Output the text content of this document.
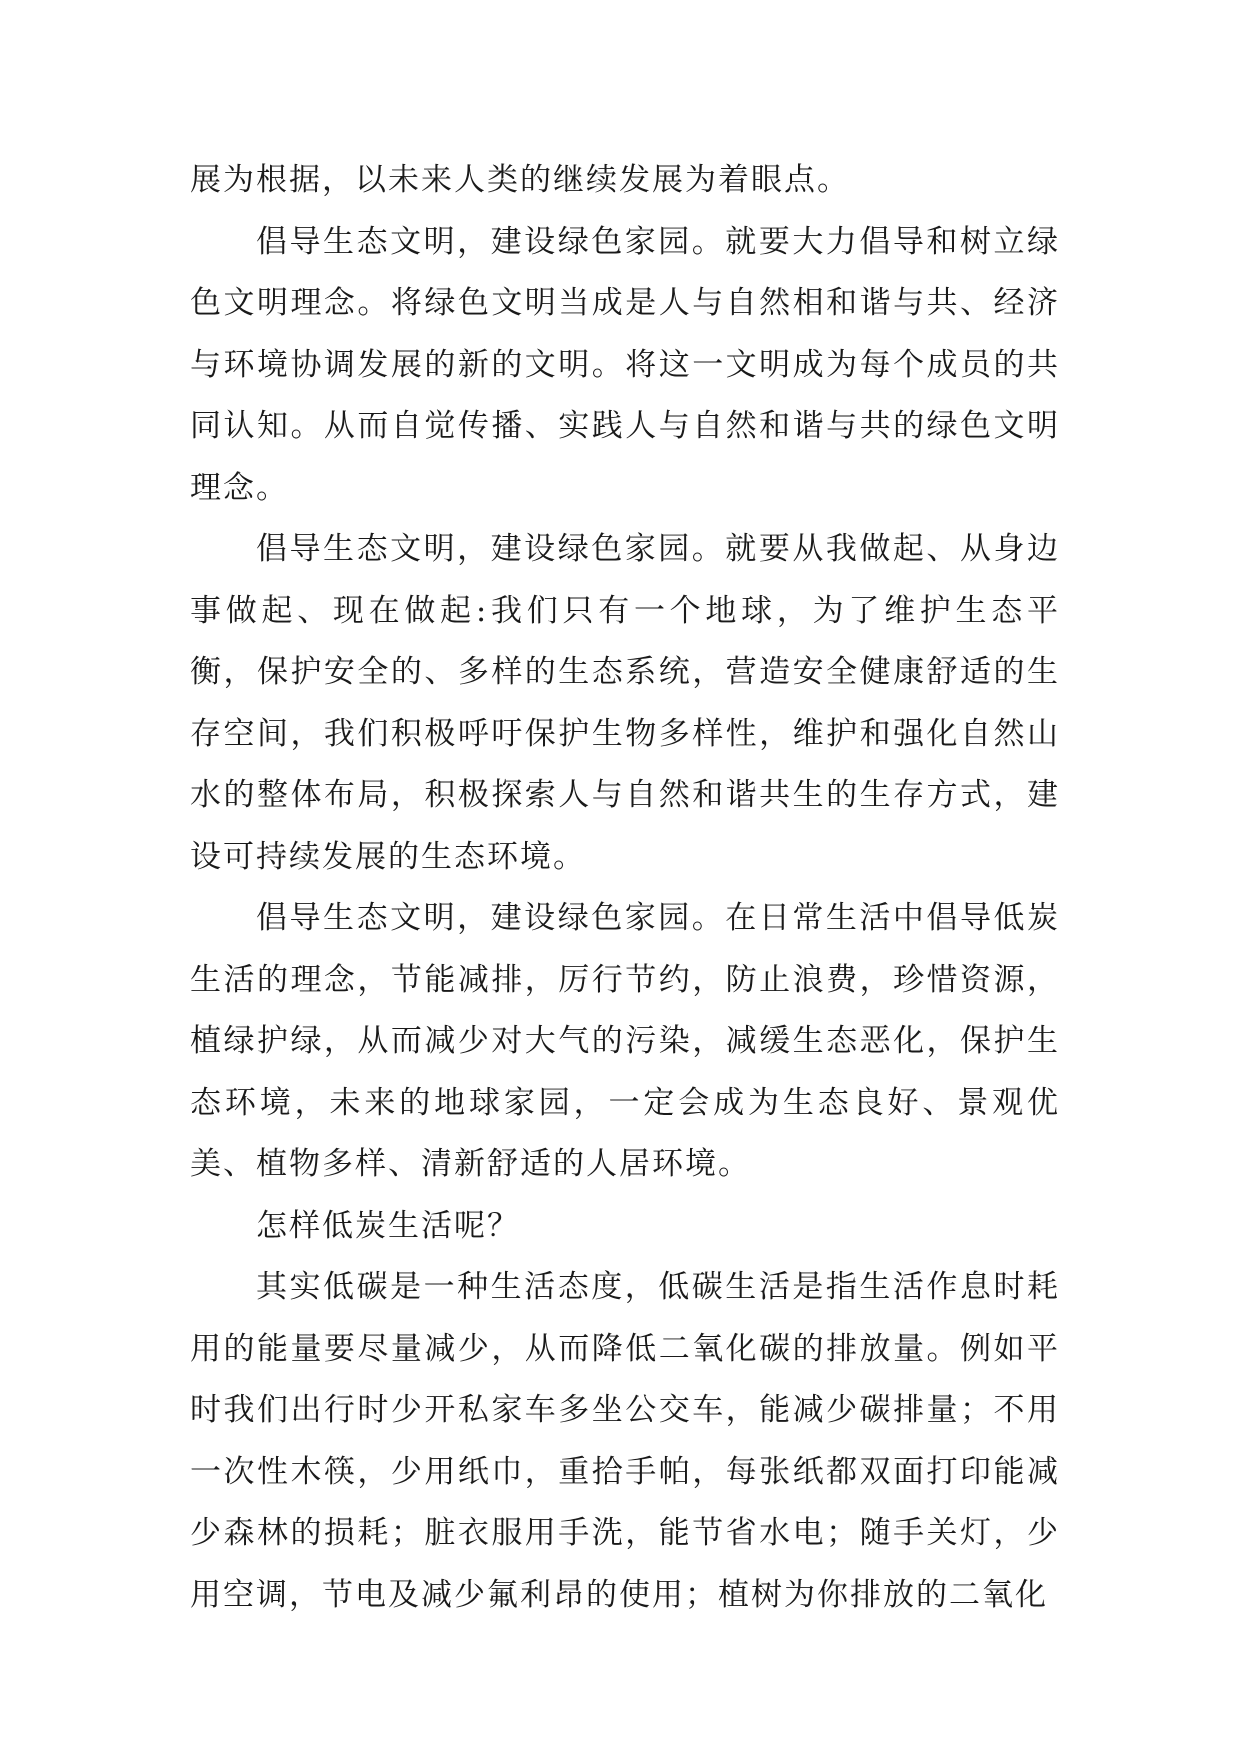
展为根据，以未来人类的继续发展为着眼点。

倡导生态文明，建设绿色家园。就要大力倡导和树立绿色文明理念。将绿色文明当成是人与自然相和谐与共、经济与环境协调发展的新的文明。将这一文明成为每个成员的共同认知。从而自觉传播、实践人与自然和谐与共的绿色文明理念。

倡导生态文明，建设绿色家园。就要从我做起、从身边事做起、现在做起:我们只有一个地球，为了维护生态平衡，保护安全的、多样的生态系统，营造安全健康舒适的生存空间，我们积极呼吁保护生物多样性，维护和强化自然山水的整体布局，积极探索人与自然和谐共生的生存方式，建设可持续发展的生态环境。

倡导生态文明，建设绿色家园。在日常生活中倡导低炭生活的理念，节能减排，厉行节约，防止浪费，珍惜资源，植绿护绿，从而减少对大气的污染，减缓生态恶化，保护生态环境，未来的地球家园，一定会成为生态良好、景观优美、植物多样、清新舒适的人居环境。

怎样低炭生活呢？

其实低碳是一种生活态度，低碳生活是指生活作息时耗用的能量要尽量减少，从而降低二氧化碳的排放量。例如平时我们出行时少开私家车多坐公交车，能减少碳排量；不用一次性木筷，少用纸巾，重拾手帕，每张纸都双面打印能减少森林的损耗；脏衣服用手洗，能节省水电；随手关灯，少用空调，节电及减少氟利昂的使用；植树为你排放的二氧化
